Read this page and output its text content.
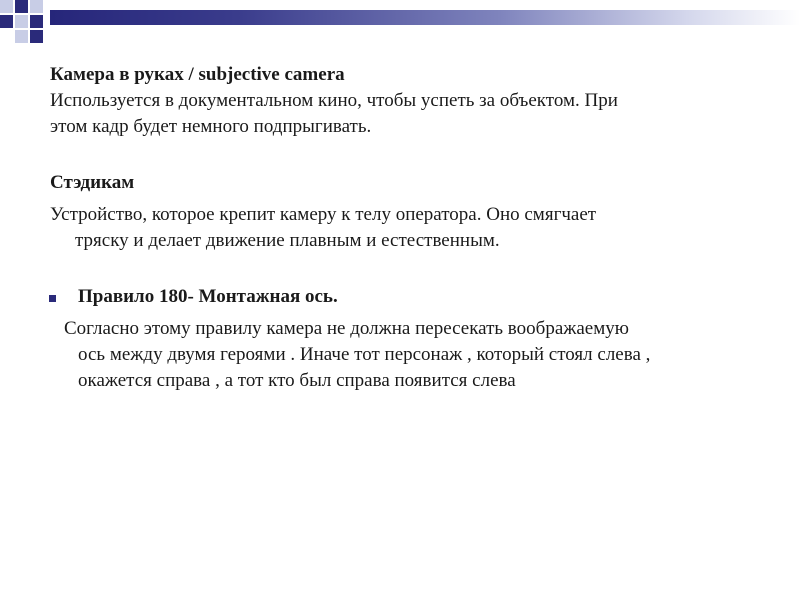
Камера в руках / subjective camera
Используется в документальном кино, чтобы успеть за объектом. При
этом кадр будет немного подпрыгивать.
Стэдикам
Устройство, которое крепит камеру к телу оператора. Оно смягчает
тряску и делает движение плавным и естественным.
Правило 180- Монтажная ось.
Согласно этому правилу камера не должна пересекать воображаемую
ось между двумя героями . Иначе тот персонаж , который стоял слева ,
окажется справа , а тот кто был справа появится слева
